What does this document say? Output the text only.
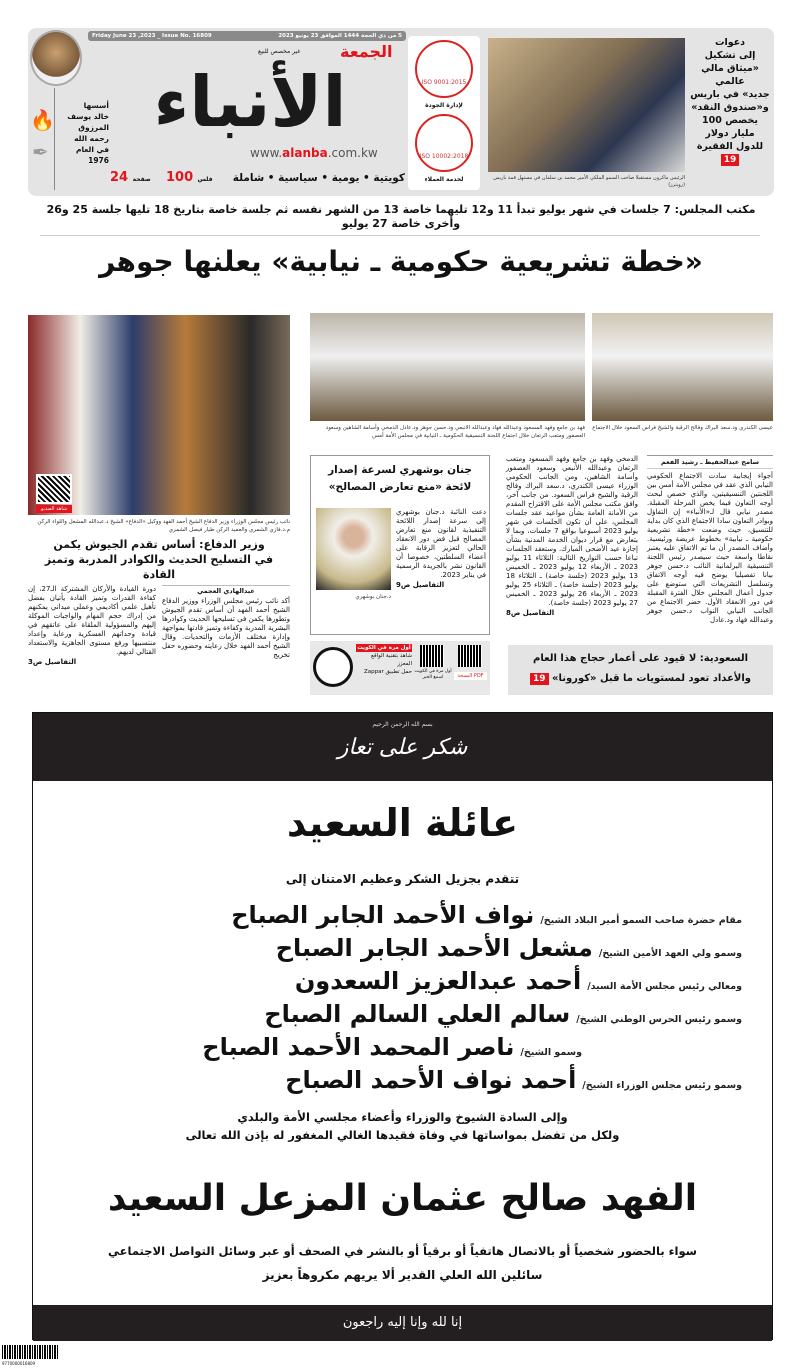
Friday June 23 ,2023 _ Issue No. 16809	5 من ذي الحجة 1444 الموافق 23 يونيو 2023
الجمعة
غير مخصص للبيع
الأنباء
www.alanba.com.kw
كويتية • يومية • سياسية • شاملة
100 فلس
24 صفحة
🔥
✒
أسسها
خالد يوسف
المرزوق
رحمه الله
في العام
1976
ISO 9001:2015
لإدارة الجودة
ISO 10002:2018
لخدمة العملاء	الرئيس ماكرون مستقبلا صاحب السمو الملكي الأمير محمد بن سلمان في مستهل قمة باريس (رويترز)
دعوات
إلى تشكيل
«ميثاق مالي عالمي
جديد» في باريس
و«صندوق النقد»
يخصص 100
مليار دولار
للدول الفقيرة
19
مكتب المجلس: 7 جلسات في شهر يوليو تبدأ 11 و12 تليهما خاصة 13 من الشهر نفسه ثم جلسة خاصة بتاريخ 18 تليها جلسة 25 و26 وأخرى خاصة 27 يوليو
«خطة تشريعية حكومية ـ نيابية» يعلنها جوهر
شاهد الفيديو
عيسى الكندري ود.سعد البراك وفالح الرقبة والشيخ فراس السعود خلال الاجتماع
فهد بن جامع وفهد المسعود وعبدالله فهاد وعبدالله الانبعي ود.حسن جوهر ود.عادل الدمخي وأسامة الشاهين وسعود العصفور ومتعب الرتعان خلال اجتماع اللجنة التنسيقية الحكومية ـ النيابية في مجلس الأمة أمس
سامح عبدالحفيظ ـ رشيد الفعم
أجواء إيجابية سادت الاجتماع الحكومي النيابي الذي عقد في مجلس الأمة أمس بين اللجنتين التنسيقيتين، والذي خصص لبحث أوجه التعاون فيما يخص المرحلة المقبلة. مصدر نيابي قال لـ«الأنباء» إن التفاؤل وبوادر التعاون سادا الاجتماع الذي كان بداية للتنسيق، حيث وضعت «خطة تشريعية حكومية ـ نيابية» بخطوط عريضة ورئيسية. وأضاف المصدر أن ما تم الاتفاق عليه يعتبر نقاطا واسعة حيث سيصدر رئيس اللجنة التنسيقية البرلمانية النائب د.حسن جوهر بيانا تفصيليا يوضح فيه أوجه الاتفاق وتسلسل التشريعات التي ستوضع على جدول أعمال المجلس خلال الفترة المقبلة في دور الانعقاد الأول. حضر الاجتماع من الجانب النيابي النواب د.حسن جوهر وعبدالله فهاد ود.عادل
الدمخي وفهد بن جامع وفهد المسعود ومتعب الرتعان وعبدالله الأنبعي وسعود العصفور وأسامة الشاهين، ومن الجانب الحكومي الوزراء عيسى الكندري، د.سعد البراك وفالح الرقبة والشيخ فراس السعود. من جانب آخر، وافق مكتب مجلس الأمة على الاقتراح المقدم من الأمانة العامة بشأن مواعيد عقد جلسات المجلس، على أن تكون الجلسات في شهر يوليو 2023 أسبوعيا بواقع 7 جلسات، وبما لا يتعارض مع قرار ديوان الخدمة المدنية بشأن إجازة عيد الأضحى المبارك. وستعقد الجلسات تباعا حسب التواريخ التالية: الثلاثاء 11 يوليو 2023 ـ الأربعاء 12 يوليو 2023 ـ الخميس 13 يوليو 2023 (جلسة خاصة) ـ الثلاثاء 18 يوليو 2023 (جلسة خاصة) ـ الثلاثاء 25 يوليو 2023 ـ الأربعاء 26 يوليو 2023 ـ الخميس 27 يوليو 2023 (جلسة خاصة).
التفاصيل ص8
جنان بوشهري لسرعة إصدار
لائحة «منع تعارض المصالح»
د.جنان بوشهري
دعت النائبة د.جنان بوشهري إلى سرعة إصدار اللائحة التنفيذية لقانون منع تعارض المصالح قبل فض دور الانعقاد الحالي لتعزيز الرقابة على أعضاء السلطتين، خصوصا أن القانون نشر بالجريدة الرسمية في يناير 2023.
التفاصيل ص9
أول مرة في الكويت
شاهد بتقنية الواقع المعزز
حمل تطبيق Zappar أول مرة في الكويت اسمع الخبر	النسخة PDF
نائب رئيس مجلس الوزراء وزير الدفاع الشيخ أحمد الفهد ووكيل «الدفاع» الشيخ د.عبدالله المشعل واللواء الركن م.د.فازي الشمري والعميد الركن طيار فيصل الشمري
وزير الدفاع: أساس تقدم الجيوش يكمن
في التسليح الحديث والكوادر المدربة وتميز القادة
عبدالهادي العجمي
أكد نائب رئيس مجلس الوزراء ووزير الدفاع الشيخ أحمد الفهد أن أساس تقدم الجيوش وتطورها يكمن في تسليحها الحديث وكوادرها البشرية المدربة وكفاءة وتميز قادتها بمواجهة وإدارة مختلف الأزمات والتحديات. وقال الشيخ أحمد الفهد خلال رعايته وحضوره حفل تخريج
دورة القيادة والأركان المشتركة الـ27، إن كفاءة القدرات وتميز القادة يأتيان بفضل تأهيل علمي أكاديمي وعملي ميداني يمكنهم من إدراك حجم المهام والواجبات الموكلة إليهم والمسؤولية الملقاة على عاتقهم في قيادة وحداتهم العسكرية ورعاية وإعداد منتسبيها ورفع مستوى الجاهزية والاستعداد القتالي لديهم.
التفاصيل ص3	السعودية: لا قيود على أعمار حجاج هذا العام
والأعداد تعود لمستويات ما قبل «كورونا» 19
بسم الله الرحمن الرحيم
شكر على تعاز
عائلة السعيد
تتقدم بجزيل الشكر وعظيم الامتنان إلى
مقام حضرة صاحب السمو أمير البلاد الشيخ/
نواف الأحمد الجابر الصباح
وسمو ولي العهد الأمين الشيخ/
مشعل الأحمد الجابر الصباح
ومعالي رئيس مجلس الأمة السيد/
أحمد عبدالعزيز السعدون
وسمو رئيس الحرس الوطني الشيخ/
سالم العلي السالم الصباح
وسمو الشيخ/
ناصر المحمد الأحمد الصباح
وسمو رئيس مجلس الوزراء الشيخ/
أحمد نواف الأحمد الصباح
وإلى السادة الشيوخ والوزراء وأعضاء مجلسي الأمة والبلدي
ولكل من تفضل بمواساتها في وفاة فقيدها الغالي المغفور له بإذن الله تعالى
الفهد صالح عثمان المزعل السعيد
سواء بالحضور شخصياً أو بالاتصال هاتفياً أو برقياً أو بالنشر في الصحف أو عبر وسائل التواصل الاجتماعي
سائلين الله العلي القدير ألا يريهم مكروهاً بعزيز
إنا لله وإنا إليه راجعون
9770000016809
